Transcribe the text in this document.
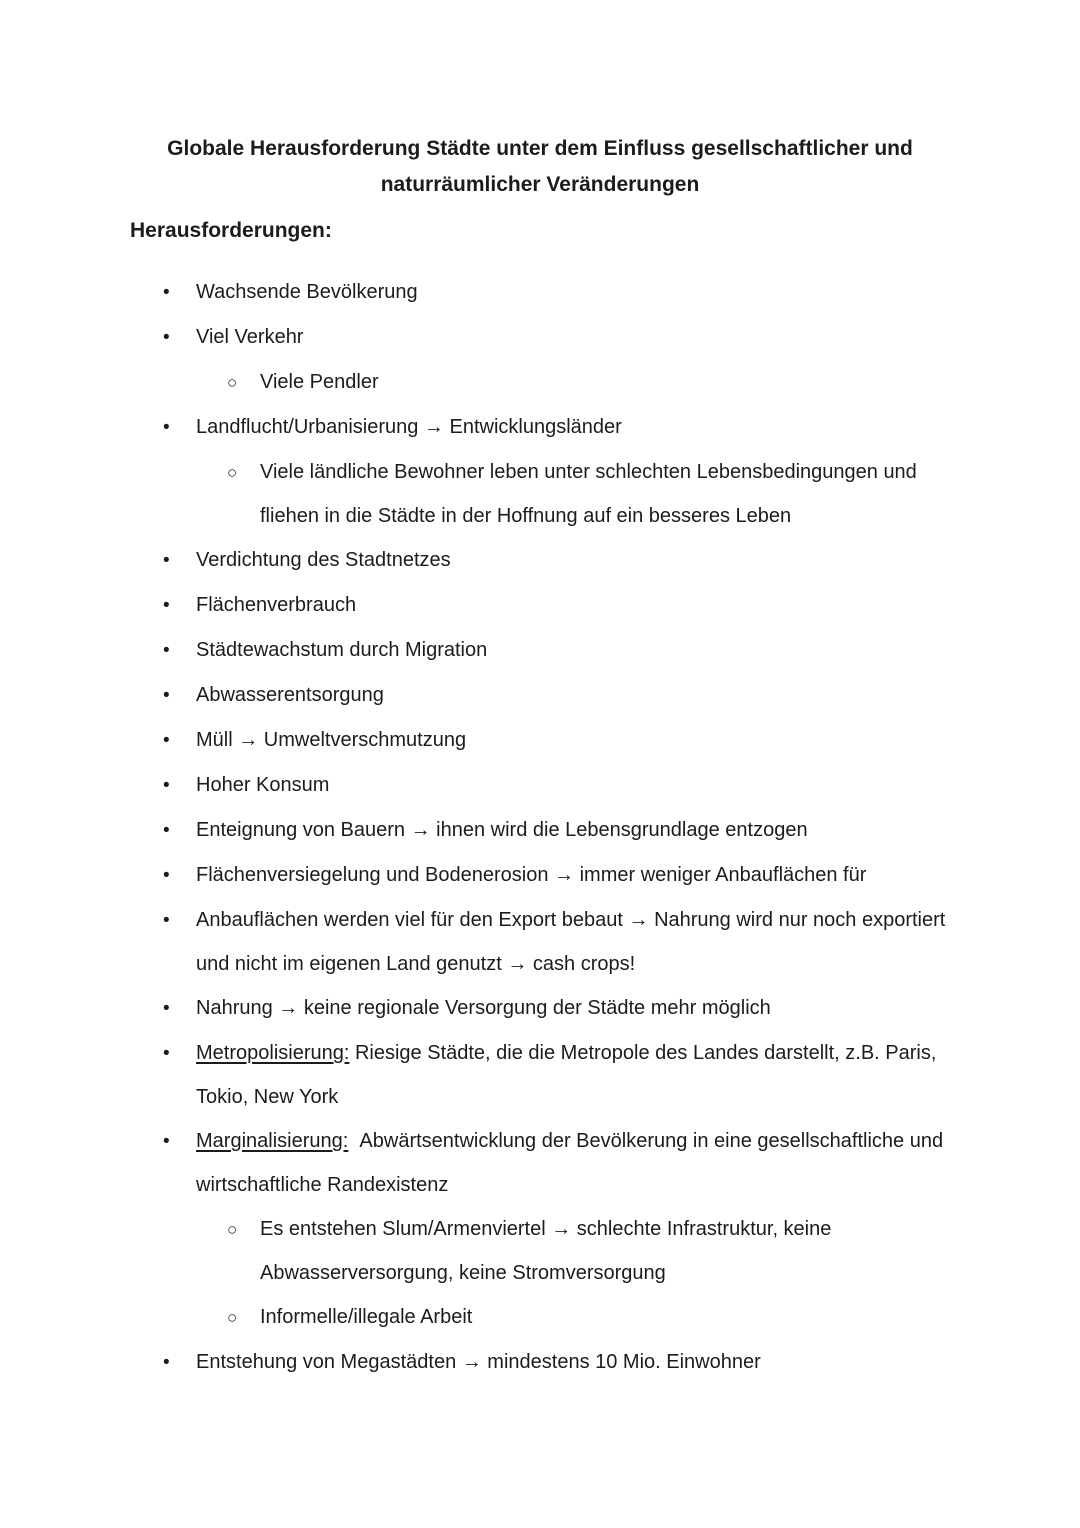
Globale Herausforderung Städte unter dem Einfluss gesellschaftlicher und
naturräumlicher Veränderungen
Herausforderungen:
•	Wachsende Bevölkerung
•	Viel Verkehr
○	Viele Pendler
•	Landflucht/Urbanisierung → Entwicklungsländer
○	Viele ländliche Bewohner leben unter schlechten Lebensbedingungen und fliehen in die Städte in der Hoffnung auf ein besseres Leben
•	Verdichtung des Stadtnetzes
•	Flächenverbrauch
•	Städtewachstum durch Migration
•	Abwasserentsorgung
•	Müll → Umweltverschmutzung
•	Hoher Konsum
•	Enteignung von Bauern → ihnen wird die Lebensgrundlage entzogen
•	Flächenversiegelung und Bodenerosion → immer weniger Anbauflächen für
•	Anbauflächen werden viel für den Export bebaut → Nahrung wird nur noch exportiert und nicht im eigenen Land genutzt → cash crops!
•	Nahrung → keine regionale Versorgung der Städte mehr möglich
•	Metropolisierung: Riesige Städte, die die Metropole des Landes darstellt, z.B. Paris, Tokio, New York
•	Marginalisierung:  Abwärtsentwicklung der Bevölkerung in eine gesellschaftliche und wirtschaftliche Randexistenz
○	Es entstehen Slum/Armenviertel → schlechte Infrastruktur, keine Abwasserversorgung, keine Stromversorgung
○	Informelle/illegale Arbeit
•	Entstehung von Megastädten → mindestens 10 Mio. Einwohner
